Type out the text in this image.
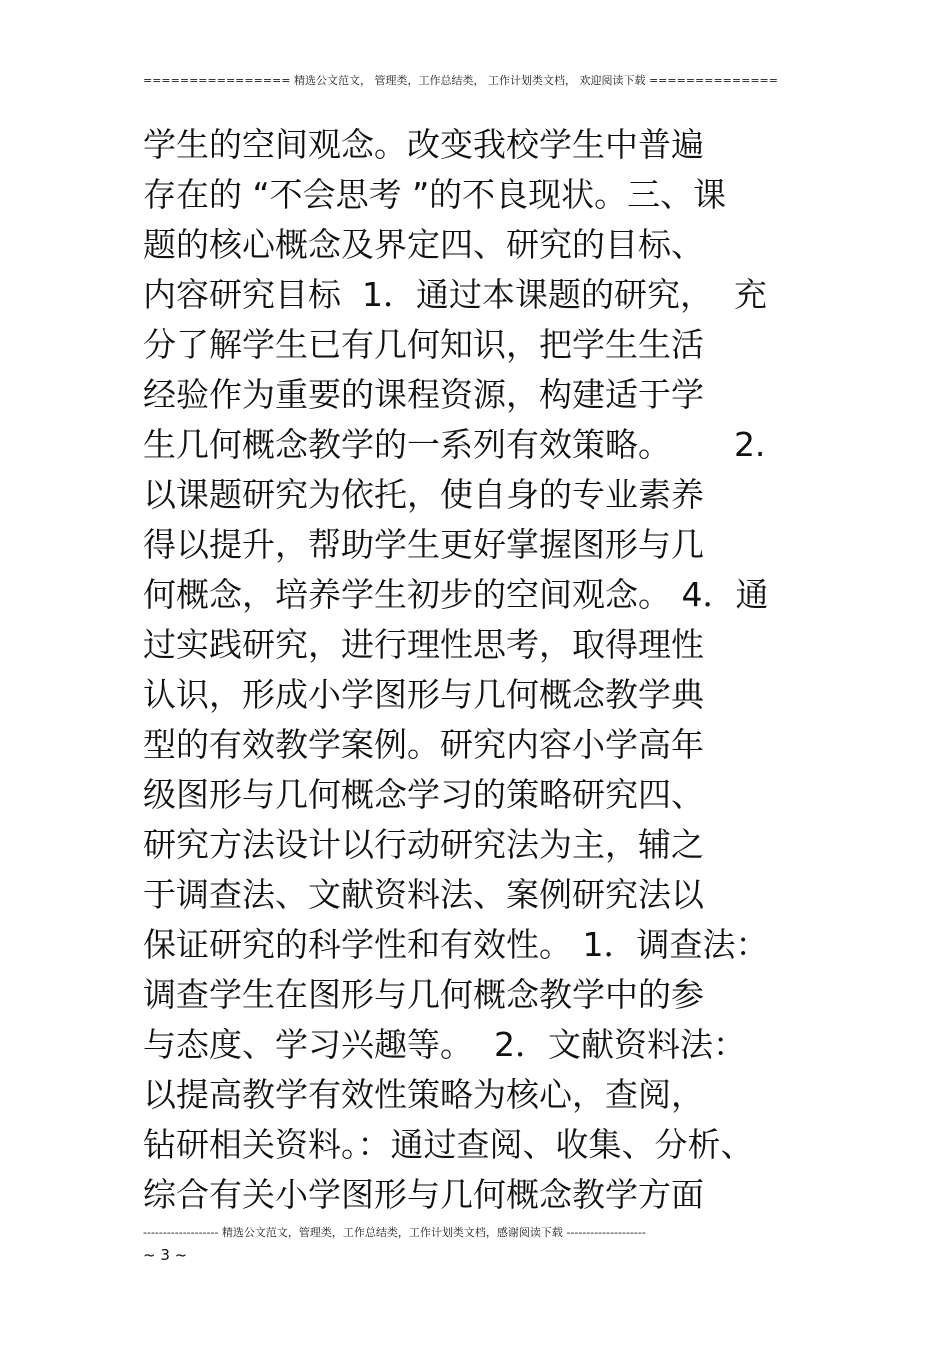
================ 精选公文范文， 管理类，工作总结类， 工作计划类文档， 欢迎阅读下载 ==============
学生的空间观念。改变我校学生中普遍
存在的 “不会思考 ”的不良现状。三、课
题的核心概念及界定四、研究的目标、
内容研究目标  1．通过本课题的研究，  充
分了解学生已有几何知识，把学生生活
经验作为重要的课程资源，构建适于学
生几何概念教学的一系列有效策略。      2.
以课题研究为依托，使自身的专业素养
得以提升，帮助学生更好掌握图形与几
何概念，培养学生初步的空间观念。 4．通
过实践研究，进行理性思考，取得理性
认识，形成小学图形与几何概念教学典
型的有效教学案例。研究内容小学高年
级图形与几何概念学习的策略研究四、
研究方法设计以行动研究法为主，辅之
于调查法、文献资料法、案例研究法以
保证研究的科学性和有效性。 1．调查法：
调查学生在图形与几何概念教学中的参
与态度、学习兴趣等。  2．文献资料法：
以提高教学有效性策略为核心，查阅，
钻研相关资料。：通过查阅、收集、分析、
综合有关小学图形与几何概念教学方面
------------------- 精选公文范文，管理类，工作总结类，工作计划类文档，感谢阅读下载 --------------------
~ 3 ~
